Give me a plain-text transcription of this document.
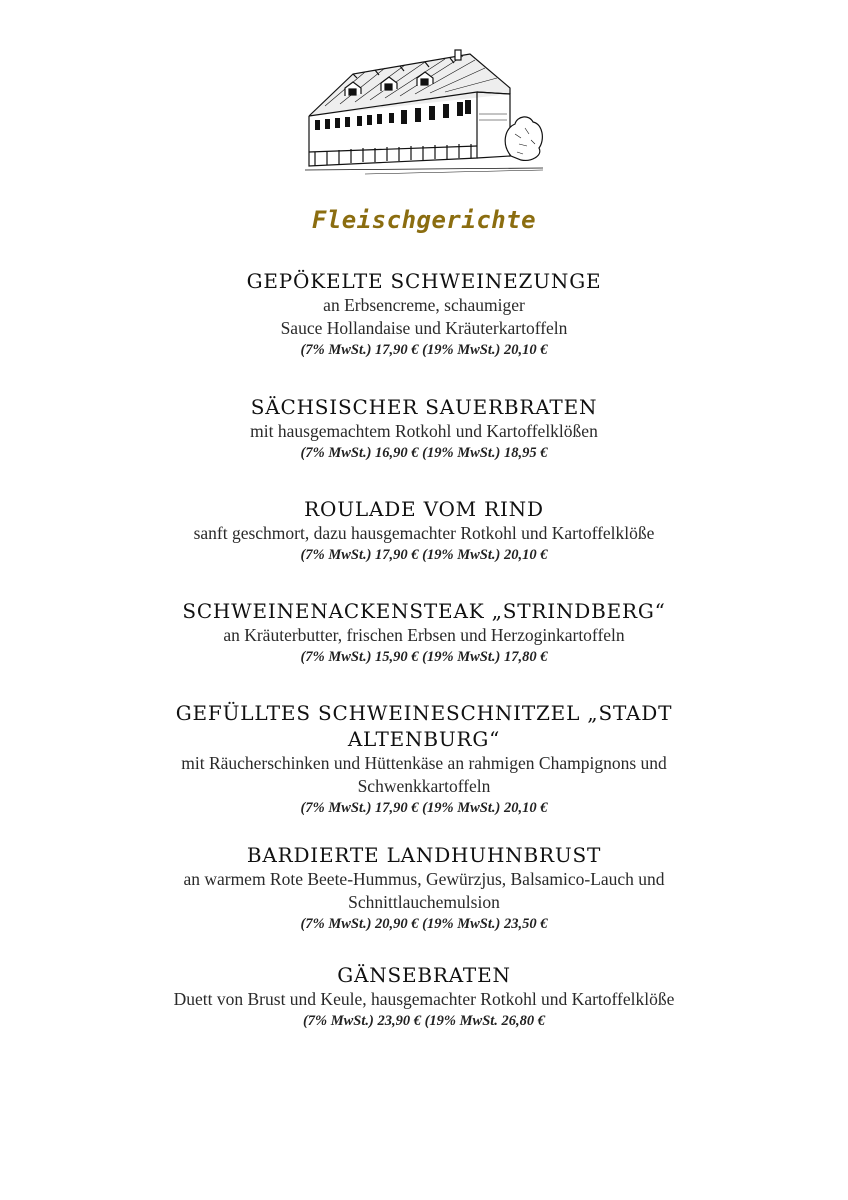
Fleischgerichte
GEPÖKELTE SCHWEINEZUNGE
an Erbsencreme, schaumiger
Sauce Hollandaise und Kräuterkartoffeln
(7% MwSt.) 17,90 € (19% MwSt.) 20,10 €
SÄCHSISCHER SAUERBRATEN
mit hausgemachtem Rotkohl und Kartoffelklößen
(7% MwSt.) 16,90 € (19% MwSt.) 18,95 €
ROULADE VOM RIND
sanft geschmort, dazu hausgemachter Rotkohl und Kartoffelklöße
(7% MwSt.) 17,90 € (19% MwSt.) 20,10 €
SCHWEINENACKENSTEAK „STRINDBERG“
an Kräuterbutter, frischen Erbsen und Herzoginkartoffeln
(7% MwSt.) 15,90 € (19% MwSt.) 17,80 €
GEFÜLLTES SCHWEINESCHNITZEL „STADT ALTENBURG“
mit Räucherschinken und Hüttenkäse an rahmigen Champignons und Schwenkkartoffeln
(7% MwSt.) 17,90 € (19% MwSt.) 20,10 €
BARDIERTE LANDHUHNBRUST
an warmem Rote Beete-Hummus, Gewürzjus, Balsamico-Lauch und Schnittlauchemulsion
(7% MwSt.) 20,90 € (19% MwSt.) 23,50 €
GÄNSEBRATEN
Duett von Brust und Keule, hausgemachter Rotkohl und Kartoffelklöße
(7% MwSt.) 23,90 € (19% MwSt. 26,80 €
